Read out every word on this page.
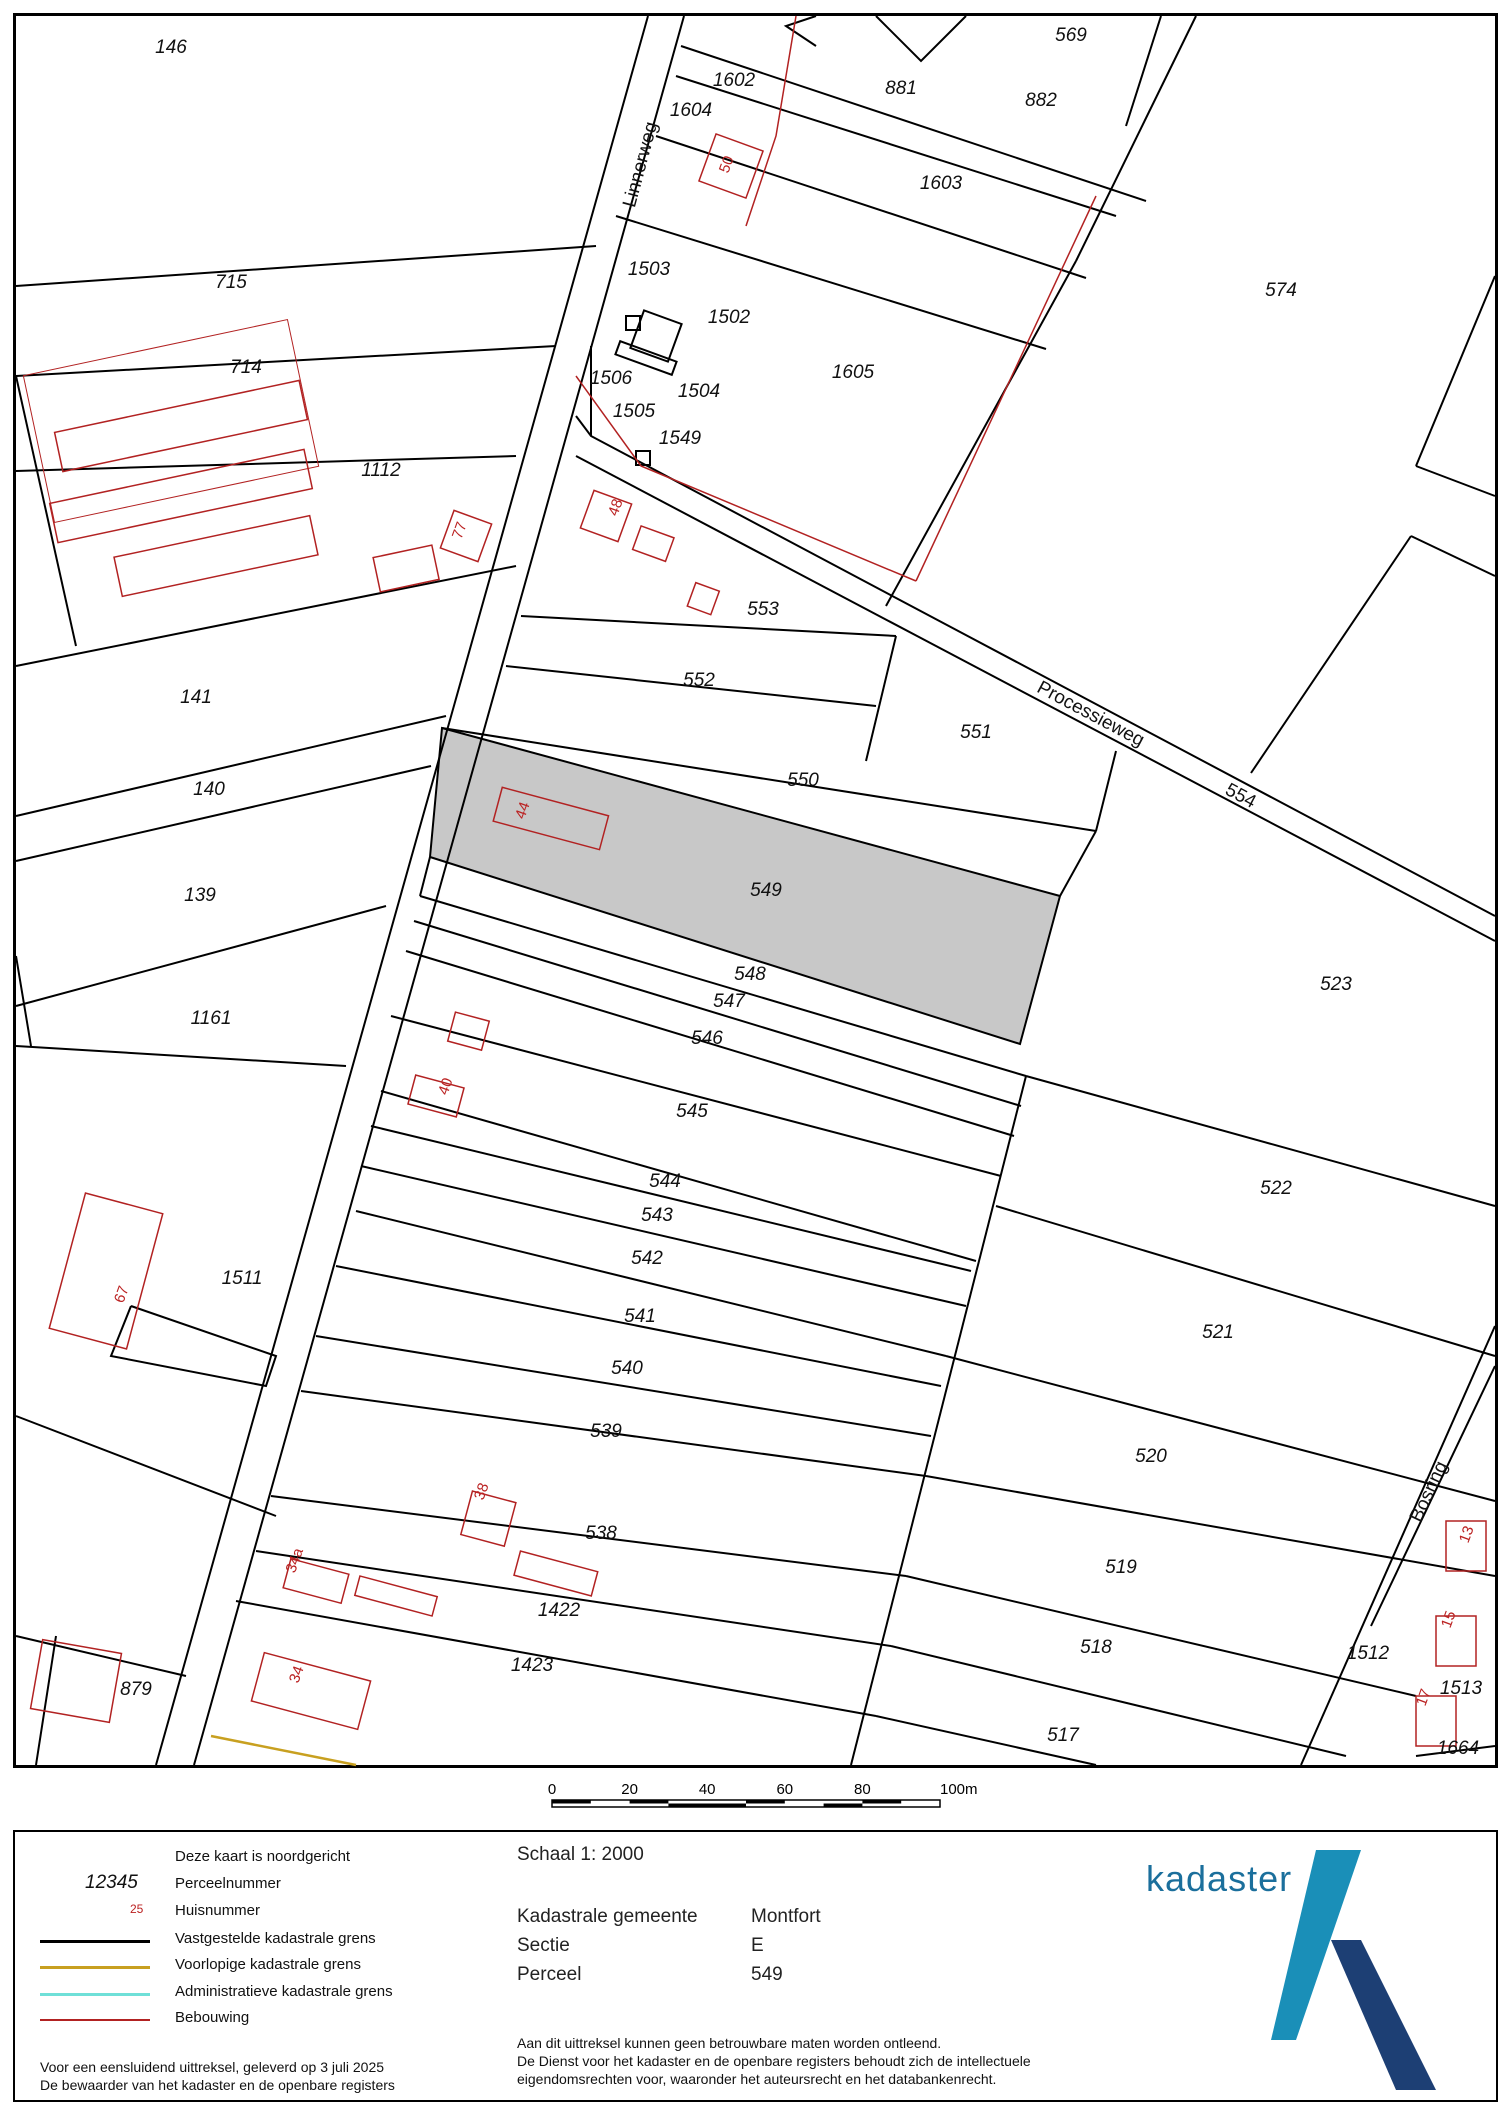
146
1602
1604
881
882
569
715
1603
574
714
1112
1503
1502
1506
1504
1605
1505
1549
553
141
552
551
140	550
139	549
548
547
546
523
1161
545
544
543
522
542
1511
541
521
540
539
520
538
519
1422
518
1423
879
1512
1513
517
1664
50
77
48
44
40
67
38
34a
34
13
15
17
Linnerweg
Processieweg
554
Bosring
0	20	40	60	80	100m
Deze kaart is noordgericht
12345 Perceelnummer
25 Huisnummer
Vastgestelde kadastrale grens
Voorlopige kadastrale grens
Administratieve kadastrale grens
Bebouwing
Voor een eensluidend uittreksel, geleverd op 3 juli 2025
De bewaarder van het kadaster en de openbare registers
Schaal 1: 2000
Kadastrale gemeente	Montfort
Sectie	E
Perceel	549
Aan dit uittreksel kunnen geen betrouwbare maten worden ontleend.
De Dienst voor het kadaster en de openbare registers behoudt zich de intellectuele
eigendomsrechten voor, waaronder het auteursrecht en het databankenrecht.
kadaster
